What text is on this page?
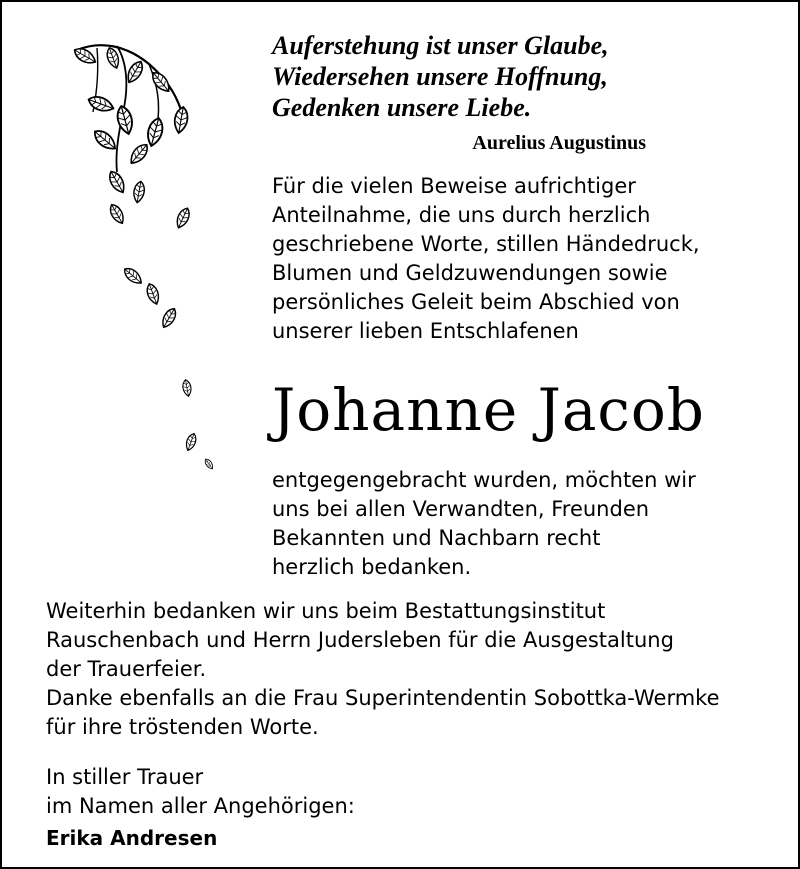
Auferstehung ist unser Glaube,
Wiedersehen unsere Hoffnung,
Gedenken unsere Liebe.
Aurelius Augustinus
Für die vielen Beweise aufrichtiger
Anteilnahme, die uns durch herzlich
geschriebene Worte, stillen Händedruck,
Blumen und Geldzuwendungen sowie
persönliches Geleit beim Abschied von
unserer lieben Entschlafenen
Johanne Jacob
entgegengebracht wurden, möchten wir
uns bei allen Verwandten, Freunden
Bekannten und Nachbarn recht
herzlich bedanken.
Weiterhin bedanken wir uns beim Bestattungsinstitut
Rauschenbach und Herrn Judersleben für die Ausgestaltung
der Trauerfeier.
Danke ebenfalls an die Frau Superintendentin Sobottka-Wermke
für ihre tröstenden Worte.
In stiller Trauer
im Namen aller Angehörigen:
Erika Andresen
